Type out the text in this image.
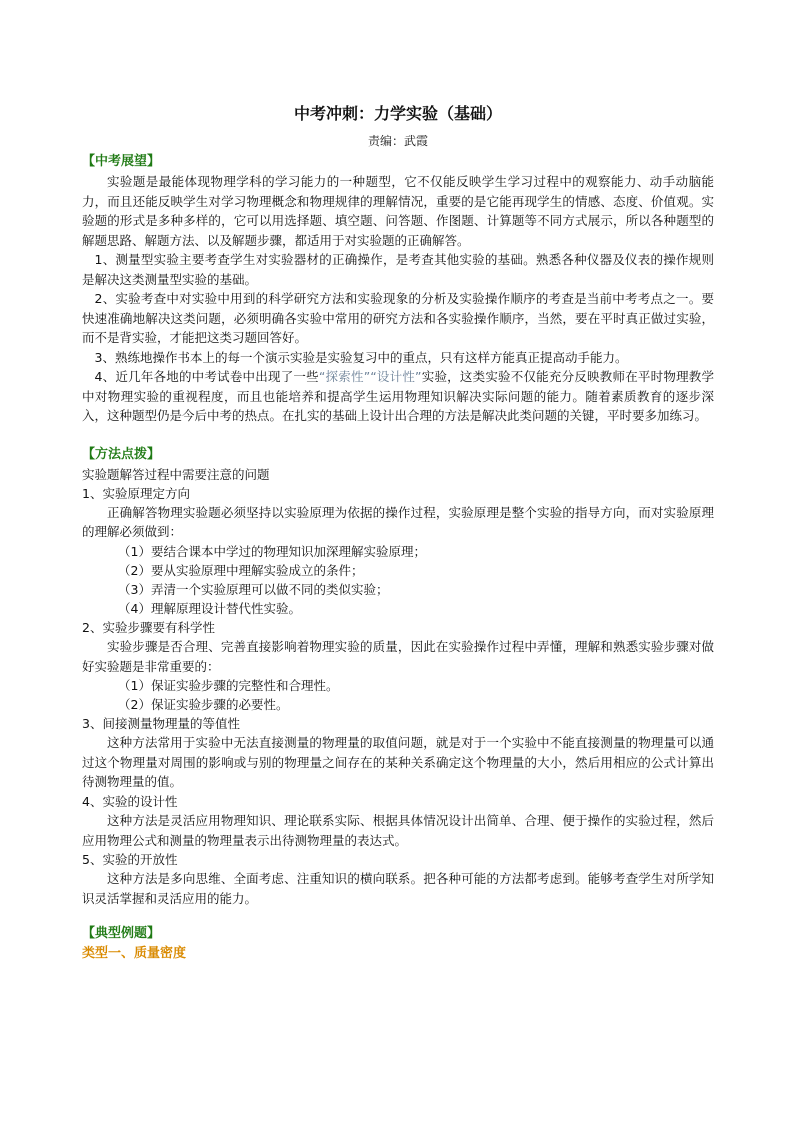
中考冲刺：力学实验（基础）
责编：武霞
【中考展望】

实验题是最能体现物理学科的学习能力的一种题型，它不仅能反映学生学习过程中的观察能力、动手动脑能力，而且还能反映学生对学习物理概念和物理规律的理解情况，重要的是它能再现学生的情感、态度、价值观。实验题的形式是多种多样的，它可以用选择题、填空题、问答题、作图题、计算题等不同方式展示，所以各种题型的解题思路、解题方法、以及解题步骤，都适用于对实验题的正确解答。

1、测量型实验主要考查学生对实验器材的正确操作，是考查其他实验的基础。熟悉各种仪器及仪表的操作规则是解决这类测量型实验的基础。

2、实验考查中对实验中用到的科学研究方法和实验现象的分析及实验操作顺序的考查是当前中考考点之一。要快速准确地解决这类问题，必须明确各实验中常用的研究方法和各实验操作顺序，当然，要在平时真正做过实验，而不是背实验，才能把这类习题回答好。

3、熟练地操作书本上的每一个演示实验是实验复习中的重点，只有这样方能真正提高动手能力。

4、近几年各地的中考试卷中出现了一些“探索性”“设计性”实验，这类实验不仅能充分反映教师在平时物理教学中对物理实验的重视程度，而且也能培养和提高学生运用物理知识解决实际问题的能力。随着素质教育的逐步深入，这种题型仍是今后中考的热点。在扎实的基础上设计出合理的方法是解决此类问题的关键，平时要多加练习。

【方法点拨】
实验题解答过程中需要注意的问题
1、实验原理定方向

正确解答物理实验题必须坚持以实验原理为依据的操作过程，实验原理是整个实验的指导方向，而对实验原理的理解必须做到：

（1）要结合课本中学过的物理知识加深理解实验原理；
（2）要从实验原理中理解实验成立的条件；
（3）弄清一个实验原理可以做不同的类似实验；
（4）理解原理设计替代性实验。
2、实验步骤要有科学性

实验步骤是否合理、完善直接影响着物理实验的质量，因此在实验操作过程中弄懂，理解和熟悉实验步骤对做好实验题是非常重要的：

（1）保证实验步骤的完整性和合理性。
（2）保证实验步骤的必要性。
3、间接测量物理量的等值性

这种方法常用于实验中无法直接测量的物理量的取值问题，就是对于一个实验中不能直接测量的物理量可以通过这个物理量对周围的影响或与别的物理量之间存在的某种关系确定这个物理量的大小，然后用相应的公式计算出待测物理量的值。

4、实验的设计性

这种方法是灵活应用物理知识、理论联系实际、根据具体情况设计出简单、合理、便于操作的实验过程，然后应用物理公式和测量的物理量表示出待测物理量的表达式。

5、实验的开放性

这种方法是多向思维、全面考虑、注重知识的横向联系。把各种可能的方法都考虑到。能够考查学生对所学知识灵活掌握和灵活应用的能力。

【典型例题】
类型一、质量密度
